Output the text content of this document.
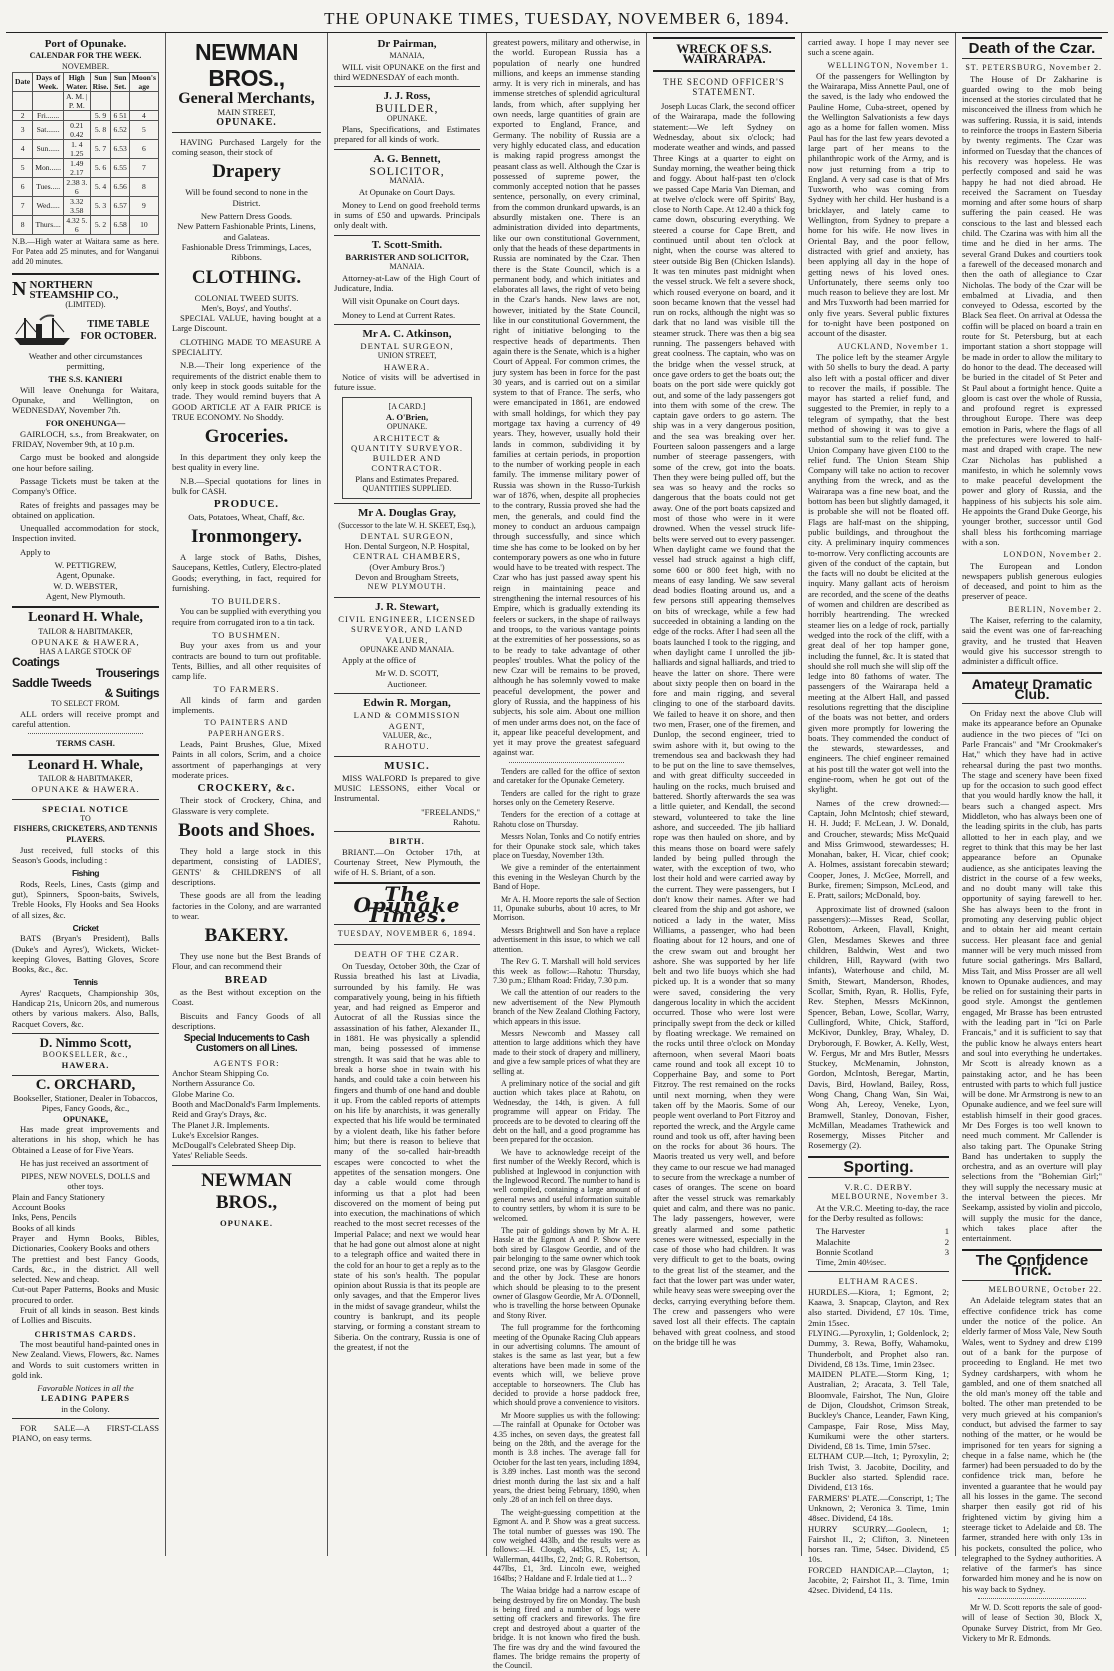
THE OPUNAKE TIMES, TUESDAY, NOVEMBER 6, 1894.
Port of Opunake.
CALENDAR FOR THE WEEK.
NOVEMBER.
Date	Days of Week.	High Water.	Sun Rise.	Sun Set.	Moon's age
		A. M. | P. M.			
2	Fri.......		5. 9	6 51	4
3	Sat.......	0.21 0.42	5. 8	6.52	5
4	Sun......	1. 4 1.25	5. 7	6.53	6
5	Mon......	1.49 2.17	5. 6	6.55	7
6	Tues.....	2.38 3. 6	5. 4	6.56	8
7	Wed.....	3.32 3.58	5. 3	6.57	9
8	Thurs....	4.32 5. 6	5. 2	6.58	10
N.B.—High water at Waitara same as here. For Patea add 25 minutes, and for Wanganui add 20 minutes.
NNORTHERN STEAMSHIP CO.,
(LIMITED).
TIME TABLE FOR OCTOBER.

Weather and other circumstances permitting,

THE S.S. KANIERI

Will leave Onehunga for Waitara, Opunake, and Wellington, on WEDNESDAY, November 7th.

FOR ONEHUNGA—

GAIRLOCH, s.s., from Breakwater, on FRIDAY, November 9th, at 10 p.m.

Cargo must be booked and alongside one hour before sailing.

Passage Tickets must be taken at the Company's Office.

Rates of freights and passages may be obtained on application.

Unequalled accommodation for stock, Inspection invited.

Apply to

W. PETTIGREW,
Agent, Opunake.
W. D. WEBSTER,
Agent, New Plymouth.
Leonard H. Whale,
TAILOR & HABITMAKER,
OPUNAKE & HAWERA,
HAS A LARGE STOCK OF
Coatings
Trouserings
Saddle Tweeds
& Suitings
TO SELECT FROM.

ALL orders will receive prompt and careful attention.

TERMS CASH.
Leonard H. Whale,
TAILOR & HABITMAKER,
OPUNAKE & HAWERA.
SPECIAL NOTICE
TO
FISHERS, CRICKETERS, AND TENNIS PLAYERS.

Just received, full stocks of this Season's Goods, including :

Fishing

Rods, Reels, Lines, Casts (gimp and gut), Spinners, Spoon-baits, Swivels, Treble Hooks, Fly Hooks and Sea Hooks of all sizes, &c.

Cricket

BATS (Bryan's President), Balls (Duke's and Ayres'), Wickets, Wicket-keeping Gloves, Batting Gloves, Score Books, &c., &c.

Tennis

Ayres' Racquets, Championship 30s, Handicap 21s, Unicorn 20s, and numerous others by various makers. Also, Balls, Racquet Covers, &c.

D. Nimmo Scott,
BOOKSELLER, &c.,
HAWERA.
C. ORCHARD,
Bookseller, Stationer, Dealer in Tobaccos, Pipes, Fancy Goods, &c.,
OPUNAKE,

Has made great improvements and alterations in his shop, which he has Obtained a Lease of for Five Years.

He has just received an assortment of

PIPES, NEW NOVELS, DOLLS and other toys.
Plain and Fancy Stationery
Account Books
Inks, Pens, Pencils
Books of all kinds
Prayer and Hymn Books, Bibles, Dictionaries, Cookery Books and others
The prettiest and best Fancy Goods, Cards, &c., in the district. All well selected. New and cheap.
Cut-out Paper Patterns, Books and Music procured to order.

Fruit of all kinds in season. Best kinds of Lollies and Biscuits.

CHRISTMAS CARDS.

The most beautiful hand-painted ones in New Zealand. Views, Flowers, &c. Names and Words to suit customers written in gold ink.

Favorable Notices in all the
LEADING PAPERS
in the Colony.

FOR SALE—A FIRST-CLASS PIANO, on easy terms.

NEWMAN BROS.,
General Merchants,
MAIN STREET,
OPUNAKE.

HAVING Purchased Largely for the coming season, their stock of

Drapery

Will be found second to none in the District.

New Pattern Dress Goods.
New Pattern Fashionable Prints, Linens, and Galateas.
Fashionable Dress Trimmings, Laces, Ribbons.
CLOTHING.
COLONIAL TWEED SUITS.
Men's, Boys', and Youths'.

SPECIAL VALUE, having bought at a Large Discount.

CLOTHING MADE TO MEASURE A SPECIALITY.

N.B.—Their long experience of the requirements of the district enable them to only keep in stock goods suitable for the trade. They would remind buyers that A GOOD ARTICLE AT A FAIR PRICE is TRUE ECONOMY. No Shoddy.

Groceries.

In this department they only keep the best quality in every line.

N.B.—Special quotations for lines in bulk for CASH.

PRODUCE.

Oats, Potatoes, Wheat, Chaff, &c.

Ironmongery.

A large stock of Baths, Dishes, Saucepans, Kettles, Cutlery, Electro-plated Goods; everything, in fact, required for furnishing.

TO BUILDERS.

You can be supplied with everything you require from corrugated iron to a tin tack.

TO BUSHMEN.

Buy your axes from us and your contracts are bound to turn out profitable. Tents, Billies, and all other requisites of camp life.

TO FARMERS.

All kinds of farm and garden implements.

TO PAINTERS AND PAPERHANGERS.

Leads, Paint Brushes, Glue, Mixed Paints in all colors, Scrim, and a choice assortment of paperhangings at very moderate prices.

CROCKERY, &c.

Their stock of Crockery, China, and Glassware is very complete.

Boots and Shoes.

They hold a large stock in this department, consisting of LADIES', GENTS' & CHILDREN'S of all descriptions.

These goods are all from the leading factories in the Colony, and are warranted to wear.

BAKERY.

They use none but the Best Brands of Flour, and can recommend their

BREAD

as the Best without exception on the Coast.

Biscuits and Fancy Goods of all descriptions.

Special Inducements to Cash Customers on all Lines.
AGENTS FOR:
Anchor Steam Shipping Co.
Northern Assurance Co.
Globe Marine Co.
Booth and MacDonald's Farm Implements.
Reid and Gray's Drays, &c.
The Planet J.R. Implements.
Luke's Excelsior Ranges.
McDougall's Celebrated Sheep Dip.
Yates' Reliable Seeds.
NEWMAN BROS.,
OPUNAKE.
Dr Pairman,
MANAIA,

WILL visit OPUNAKE on the first and third WEDNESDAY of each month.

J. J. Ross,
BUILDER,
OPUNAKE.

Plans, Specifications, and Estimates prepared for all kinds of work.

A. G. Bennett,
SOLICITOR,
MANAIA.

At Opunake on Court Days.

Money to Lend on good freehold terms in sums of £50 and upwards. Principals only dealt with.

T. Scott-Smith.
BARRISTER AND SOLICITOR,
MANAIA.

Attorney-at-Law of the High Court of Judicature, India.

Will visit Opunake on Court days.

Money to Lend at Current Rates.

Mr A. C. Atkinson,
DENTAL SURGEON,
UNION STREET,
HAWERA.

Notice of visits will be advertised in future issue.

[A CARD.]
A. O'Brien,
OPUNAKE.
ARCHITECT & QUANTITY SURVEYOR.
BUILDER AND CONTRACTOR.
Plans and Estimates Prepared.
QUANTITIES SUPPLIED.
Mr A. Douglas Gray,
(Successor to the late W. H. SKEET, Esq.),
DENTAL SURGEON,
Hon. Dental Surgeon, N.P. Hospital,
CENTRAL CHAMBERS,
(Over Ambury Bros.')
Devon and Brougham Streets,
NEW PLYMOUTH.
J. R. Stewart,
CIVIL ENGINEER, LICENSED SURVEYOR, AND LAND VALUER,
OPUNAKE AND MANAIA.

Apply at the office of

Mr W. D. SCOTT,
Auctioneer.
Edwin R. Morgan,
LAND & COMMISSION AGENT,
VALUER, &c.,
RAHOTU.
MUSIC.

MISS WALFORD Is prepared to give MUSIC LESSONS, either Vocal or Instrumental.

"FREELANDS,"
Rahotu.
BIRTH.

BRIANT.—On October 17th, at Courtenay Street, New Plymouth, the wife of H. S. Briant, of a son.

The Opunake Times.
TUESDAY, NOVEMBER 6, 1894.
DEATH OF THE CZAR.

On Tuesday, October 30th, the Czar of Russia breathed his last at Livadia, surrounded by his family. He was comparatively young, being in his fiftieth year, and had reigned as Emperor and Autocrat of all the Russias since the assassination of his father, Alexander II., in 1881. He was physically a splendid man, being possessed of immense strength. It was said that he was able to break a horse shoe in twain with his hands, and could take a coin between his fingers and thumb of one hand and double it up. From the cabled reports of attempts on his life by anarchists, it was generally expected that his life would be terminated by a violent death, like his father before him; but there is reason to believe that many of the so-called hair-breadth escapes were concocted to whet the appetites of the sensation mongers. One day a cable would come through informing us that a plot had been discovered on the moment of being put into execution, the machinations of which reached to the most secret recesses of the Imperial Palace; and next we would hear that he had gone out almost alone at night to a telegraph office and waited there in the cold for an hour to get a reply as to the state of his son's health. The popular opinion about Russia is that its people are only savages, and that the Emperor lives in the midst of savage grandeur, whilst the country is bankrupt, and its people starving, or forming a constant stream to Siberia. On the contrary, Russia is one of the greatest, if not the

greatest powers, military and otherwise, in the world. European Russia has a population of nearly one hundred millions, and keeps an immense standing army. It is very rich in minerals, and has immense stretches of splendid agricultural lands, from which, after supplying her own needs, large quantities of grain are exported to England, France, and Germany. The nobility of Russia are a very highly educated class, and education is making rapid progress amongst the peasant class as well. Although the Czar is possessed of supreme power, the commonly accepted notion that he passes sentence, personally, on every criminal, from the common drunkard upwards, is an absurdly mistaken one. There is an administration divided into departments, like our own constitutional Government, only that the heads of these departments in Russia are nominated by the Czar. Then there is the State Council, which is a permanent body, and which initiates and elaborates all laws, the right of veto being in the Czar's hands. New laws are not, however, initiated by the State Council, like in our constitutional Government, the right of initiative belonging to the respective heads of departments. Then again there is the Senate, which is a higher Court of Appeal. For common crimes, the jury system has been in force for the past 30 years, and is carried out on a similar system to that of France. The serfs, who were emancipated in 1861, are endowed with small holdings, for which they pay mortgage tax having a currency of 49 years. They, however, usually hold their lands in common, subdividing it by families at certain periods, in proportion to the number of working people in each family. The immense military power of Russia was shown in the Russo-Turkish war of 1876, when, despite all prophecies to the contrary, Russia proved she had the men, the generals, and could find the money to conduct an arduous campaign through successfully, and since which time she has come to be looked on by her contemporary powers as one who in future would have to be treated with respect. The Czar who has just passed away spent his reign in maintaining peace and strengthening the internal resources of his Empire, which is gradually extending its feelers or suckers, in the shape of railways and troops, to the various vantage points at the extremities of her possessions, so as to be ready to take advantage of other peoples' troubles. What the policy of the new Czar will be remains to be proved, although he has solemnly vowed to make peaceful development, the power and glory of Russia, and the happiness of his subjects, his sole aim. About one million of men under arms does not, on the face of it, appear like peaceful development, and yet it may prove the greatest safeguard against war.

Tenders are called for the office of sexton and caretaker for the Opunake Cemetery.

Tenders are called for the right to graze horses only on the Cemetery Reserve.

Tenders for the erection of a cottage at Rahotu close on Thursday.

Messrs Nolan, Tonks and Co notify entries for their Opunake stock sale, which takes place on Tuesday, November 13th.

We give a reminder of the entertainment this evening in the Wesleyan Church by the Band of Hope.

Mr A. H. Moore reports the sale of Section 11, Opunake suburbs, about 10 acres, to Mr Morrison.

Messrs Brightwell and Son have a replace advertisement in this issue, to which we call attention.

The Rev G. T. Marshall will hold services this week as follow:—Rahotu: Thursday, 7.30 p.m.; Eltham Road: Friday, 7.30 p.m.

We call the attention of our readers to the new advertisement of the New Plymouth branch of the New Zealand Clothing Factory, which appears in this issue.

Messrs Newcomb and Massey call attention to large additions which they have made to their stock of drapery and millinery, and give a few sample prices of what they are selling at.

A preliminary notice of the social and gift auction which takes place at Rahotu, on Wednesday, the 14th, is given. A full programme will appear on Friday. The proceeds are to be devoted to clearing off the debt on the hall, and a good programme has been prepared for the occasion.

We have to acknowledge receipt of the first number of the Weekly Record, which is published at Inglewood in conjunction with the Inglewood Record. The number to hand is well compiled, containing a large amount of general news and useful information suitable to country settlers, by whom it is sure to be welcomed.

The pair of goldings shown by Mr A. H. Hassle at the Egmont A and P. Show were both sired by Glasgow Geordie, and of the pair belonging to the same owner which took second prize, one was by Glasgow Geordie and the other by Jock. These are honors which should be pleasing to to the present owner of Glasgow Geordie, Mr A. O'Donnell, who is travelling the horse between Opunake and Stony River.

The full programme for the forthcoming meeting of the Opunake Racing Club appears in our advertising columns. The amount of stakes is the same as last year, but a few alterations have been made in some of the events which will, we believe prove acceptable to horseowners. The Club has decided to provide a horse paddock free, which should prove a convenience to visitors.

Mr Moore supplies us with the following:—The rainfall at Opunake for October was 4.35 inches, on seven days, the greatest fall being on the 28th, and the average for the month is 3.8 inches. The average fall for October for the last ten years, including 1894, is 3.89 inches. Last month was the second driest month during the last six and a half years, the driest being February, 1890, when only .28 of an inch fell on three days.

The weight-guessing competition at the Egmont A. and P. Show was a great success. The total number of guesses was 190. The cow weighed 443lb, and the results were as follows:—H. Clough, 445lbs, £5, 1st; A. Wallerman, 441lbs, £2, 2nd; G. R. Robertson, 447lbs, £1, 3rd. Lincoln ewe, weighed 164lbs; ? Haldane and F. Irdale tied at 1... ?

The Waiaa bridge had a narrow escape of being destroyed by fire on Monday. The bush is being fired and a number of logs were setting off crackers and fireworks. The fire crept and destroyed about a quarter of the bridge. It is not known who fired the bush. The fire was dry and the wind favoured the flames. The bridge remains the property of the Council.

WRECK OF S.S. WAIRARAPA.
THE SECOND OFFICER'S STATEMENT.

Joseph Lucas Clark, the second officer of the Wairarapa, made the following statement:—We left Sydney on Wednesday, about six o'clock; had moderate weather and winds, and passed Three Kings at a quarter to eight on Sunday morning, the weather being thick and foggy. About half-past ten o'clock we passed Cape Maria Van Dieman, and at twelve o'clock were off Spirits' Bay, close to North Cape. At 12.40 a thick fog came down, obscuring everything. We steered a course for Cape Brett, and continued until about ten o'clock at night, when the course was altered to steer outside Big Ben (Chicken Islands). It was ten minutes past midnight when the vessel struck. We felt a severe shock, which roused everyone on board, and it soon became known that the vessel had run on rocks, although the night was so dark that no land was visible till the steamer struck. There was then a big sea running. The passengers behaved with great coolness. The captain, who was on the bridge when the vessel struck, at once gave orders to get the boats out; the boats on the port side were quickly got out, and some of the lady passengers got into them with some of the crew. The captain gave orders to go astern. The ship was in a very dangerous position, and the sea was breaking over her. Fourteen saloon passengers and a large number of steerage passengers, with some of the crew, got into the boats. Then they were being pulled off, but the sea was so heavy and the rocks so dangerous that the boats could not get away. One of the port boats capsized and most of those who were in it were drowned. When the vessel struck life-belts were served out to every passenger. When daylight came we found that the vessel had struck against a high cliff, some 600 or 800 feet high, with no means of easy landing. We saw several dead bodies floating around us, and a few persons still appearing themselves on bits of wreckage, while a few had succeeded in obtaining a landing on the edge of the rocks. After I had seen all the boats launched I took to the rigging, and when daylight came I unrolled the jib-halliards and signal halliards, and tried to heave the latter on shore. There were about sixty people then on board in the fore and main rigging, and several clinging to one of the starboard davits. We failed to heave it on shore, and then two men, Fraser, one of the firemen, and Dunlop, the second engineer, tried to swim ashore with it, but owing to the tremendous sea and backwash they had to be put on the line to save themselves, and with great difficulty succeeded in hauling on the rocks, much bruised and battered. Shortly afterwards the sea was a little quieter, and Kendall, the second steward, volunteered to take the line ashore, and succeeded. The jib halliard rope was then hauled on shore, and by this means those on board were safely landed by being pulled through the water, with the exception of two, who lost their hold and were carried away by the current. They were passengers, but I don't know their names. After we had cleared from the ship and got ashore, we noticed a lady in the water, Miss Williams, a passenger, who had been floating about for 12 hours, and one of the crew swam out and brought her ashore. She was supported by her life belt and two life buoys which she had picked up. It is a wonder that so many were saved, considering the very dangerous locality in which the accident occurred. Those who were lost were principally swept from the deck or killed by floating wreckage. We remained on the rocks until three o'clock on Monday afternoon, when several Maori boats came round and took all except 10 to Copperhaine Bay, and some to Port Fitzroy. The rest remained on the rocks until next morning, when they were taken off by the Maoris. Some of our people went overland to Port Fitzroy and reported the wreck, and the Argyle came round and took us off, after having been on the rocks for about 36 hours. The Maoris treated us very well, and before they came to our rescue we had managed to secure from the wreckage a number of cases of oranges. The scene on board after the vessel struck was remarkably quiet and calm, and there was no panic. The lady passengers, however, were greatly alarmed and some pathetic scenes were witnessed, especially in the case of those who had children. It was very difficult to get to the boats, owing to the great list of the steamer, and the fact that the lower part was under water, while heavy seas were sweeping over the decks, carrying everything before them. The crew and passengers who were saved lost all their effects. The captain behaved with great coolness, and stood on the bridge till he was

carried away. I hope I may never see such a scene again.

WELLINGTON, November 1.

Of the passengers for Wellington by the Wairarapa, Miss Annette Paul, one of the saved, is the lady who endowed the Pauline Home, Cuba-street, opened by the Wellington Salvationists a few days ago as a home for fallen women. Miss Paul has for the last few years devoted a large part of her means to the philanthropic work of the Army, and is now just returning from a trip to England. A very sad case is that of Mrs Tuxworth, who was coming from Sydney with her child. Her husband is a bricklayer, and lately came to Wellington, from Sydney to prepare a home for his wife. He now lives in Oriental Bay, and the poor fellow, distracted with grief and anxiety, has been applying all day in the hope of getting news of his loved ones. Unfortunately, there seems only too much reason to believe they are lost. Mr and Mrs Tuxworth had been married for only five years. Several public fixtures for to-night have been postponed on account of the disaster.

AUCKLAND, November 1.

The police left by the steamer Argyle with 50 shells to bury the dead. A party also left with a postal officer and diver to recover the mails, if possible. The mayor has started a relief fund, and suggested to the Premier, in reply to a telegram of sympathy, that the best method of showing it was to give a substantial sum to the relief fund. The Union Company have given £100 to the relief fund. The Union Steam Ship Company will take no action to recover anything from the wreck, and as the Wairarapa was a fine new boat, and the bottom has been but slightly damaged, it is probable she will not be floated off. Flags are half-mast on the shipping, public buildings, and throughout the city. A preliminary inquiry commences to-morrow. Very conflicting accounts are given of the conduct of the captain, but the facts will no doubt be elicited at the inquiry. Many gallant acts of heroism are recorded, and the scene of the deaths of women and children are described as horribly heartrending. The wrecked steamer lies on a ledge of rock, partially wedged into the rock of the cliff, with a great deal of her top hamper gone, including the funnel, &c. It is stated that should she roll much she will slip off the ledge into 80 fathoms of water. The passengers of the Wairarapa held a meeting at the Albert Hall, and passed resolutions regretting that the discipline of the boats was not better, and orders given more promptly for lowering the boats. They commended the conduct of the stewards, stewardesses, and engineers. The chief engineer remained at his post till the water got well into the engine-room, when he got out of the skylight.

Names of the crew drowned:—Captain, John McIntosh; chief steward, H. H. Judd; F. McLean, J. W. Donald, and Croucher, stewards; Miss McQuaid and Miss Grimwood, stewardesses; H. Monahan, baker, H. Vicar, chief cook; A. Holmes, assistant forecabin steward; Cooper, Jones, J. McGee, Morrell, and Burke, firemen; Simpson, McLeod, and E. Pratt, sailors; McDonald, boy.

Approximate list of drowned (saloon passengers):—Misses Read, Scollar, Robottom, Arkeen, Flavall, Knight, Glen, Mesdames Skewes and three children, Baldwin, West and two children, Hill, Rayward (with two infants), Waterhouse and child, M. Smith, Stewart, Manderson, Rhodes, Scollar, Smith, Ryan, R. Hollis, Fyfe, Rev. Stephen, Messrs McKinnon, Spencer, Beban, Lowe, Scollar, Warry, Cullingford, White, Chick, Stafford, McKivor, Dunkley, Bray, Whaley, D. Dryborough, F. Bowker, A. Kelly, West, W. Fergus, Mr and Mrs Butler, Messrs Stuckey, McMenamin, Johnston, Gordon, McIntosh, Beregar, Martin, Davis, Bird, Howland, Bailey, Ross, Wong Chang, Chang Wan, Sin Wai, Wong Ah, Lereoy, Veneke, Lyon, Bramwell, Stanley, Donovan, Fisher, McMillan, Meadames Trathewick and Rosemergy, Misses Pitcher and Rosemergy (2).

Sporting.
V.R.C. DERBY.
MELBOURNE, November 3.

At the V.R.C. Meeting to-day, the race for the Derby resulted as follows:

The Harvester	1
Malachite	2
Bonnie Scotland	3
Time, 2min 40½sec.
ELTHAM RACES.
HURDLES.—Kiora, 1; Egmont, 2; Kaawa, 3. Snapcap, Clayton, and Rex also started. Dividend, £7 10s. Time, 2min 15sec.
FLYING.—Pyroxylin, 1; Goldenlock, 2; Dummy, 3. Rewa, Boffy, Wahamoku, Thunderbolt, and Prophet also ran. Dividend, £8 13s. Time, 1min 23sec.
MAIDEN PLATE.—Storm King, 1; Australian, 2; Aracata, 3. Tell Tale, Bloomvale, Fairshot, The Nun, Gloire de Dijon, Cloudshot, Crimson Streak, Buckley's Chance, Leander, Fawn King, Campaspe, Fair Rose, Miss May, Kumikumi were the other starters. Dividend, £8 1s. Time, 1min 57sec.
ELTHAM CUP.—Itch, 1; Pyroxylin, 2; Irish Twist, 3. Jacobite, Docility, and Buckler also started. Splendid race. Dividend, £13 16s.
FARMERS' PLATE.—Conscript, 1; The Unknown, 2; Veronica 3. Time, 1min 48sec. Dividend, £4 18s.
HURRY SCURRY.—Goolecn, 1; Fairshot II., 2; Clifton, 3. Nineteen horses ran. Time, 54sec. Dividend, £5 10s.
FORCED HANDICAP.—Clayton, 1; Jacobite, 2; Fairshot II., 3. Time, 1min 42sec. Dividend, £4 11s.
Death of the Czar.
ST. PETERSBURG, November 2.

The House of Dr Zakharine is guarded owing to the mob being incensed at the stories circulated that he misconceived the illness from which he was suffering. Russia, it is said, intends to reinforce the troops in Eastern Siberia by twenty regiments. The Czar was informed on Tuesday that the chances of his recovery was hopeless. He was perfectly composed and said he was happy he had not died abroad. He received the Sacrament on Tuesday morning and after some hours of sharp suffering the pain ceased. He was conscious to the last and blessed each child. The Czarina was with him all the time and he died in her arms. The several Grand Dukes and courtiers took a farewell of the deceased monarch and then the oath of allegiance to Czar Nicholas. The body of the Czar will be embalmed at Livadia, and then conveyed to Odessa, escorted by the Black Sea fleet. On arrival at Odessa the coffin will be placed on board a train en route for St. Petersburg, but at each important station a short stoppage will be made in order to allow the military to do honor to the dead. The deceased will be buried in the citadel of St Peter and St Paul about a fortnight hence. Quite a gloom is cast over the whole of Russia, and profound regret is expressed throughout Europe. There was deep emotion in Paris, where the flags of all the prefectures were lowered to half-mast and draped with crape. The new Czar Nicholas has published a manifesto, in which he solemnly vows to make peaceful development the power and glory of Russia, and the happiness of his subjects his sole aim. He appoints the Grand Duke George, his younger brother, successor until God shall bless his forthcoming marriage with a son.

LONDON, November 2.

The European and London newspapers publish generous eulogies of deceased, and point to him as the preserver of peace.

BERLIN, November 2.

The Kaiser, referring to the calamity, said the event was one of far-reaching gravity, and he trusted that Heaven would give his successor strength to administer a difficult office.

Amateur Dramatic Club.

On Friday next the above Club will make its appearance before an Opunake audience in the two pieces of "Ici on Parle Francais" and "Mr Crookmaker's Hat," which they have had in active rehearsal during the past two months. The stage and scenery have been fixed up for the occasion to such good effect that you would hardly know the hall, it bears such a changed aspect. Mrs Middleton, who has always been one of the leading spirits in the club, has parts allotted to her in each play, and we regret to think that this may be her last appearance before an Opunake audience, as she anticipates leaving the district in the course of a few weeks, and no doubt many will take this opportunity of saying farewell to her. She has always been to the front in promoting any deserving public object and to obtain her aid meant certain success. Her pleasant face and genial manner will be very much missed from future social gatherings. Mrs Ballard, Miss Tait, and Miss Prosser are all well known to Opunake audiences, and may be relied on for sustaining their parts in good style. Amongst the gentlemen engaged, Mr Brasse has been entrusted with the leading part in "Ici on Parle Francais," and it is sufficient to say that the public know he always enters heart and soul into everything he undertakes. Mr Scott is already known as a painstaking actor, and he has been entrusted with parts to which full justice will be done. Mr Armstrong is new to an Opunake audience, and we feel sure will establish himself in their good graces. Mr Des Forges is too well known to need much comment. Mr Callender is also taking part. The Opunake String Band has undertaken to supply the orchestra, and as an overture will play selections from the "Bohemian Girl;" they will supply the necessary music at the interval between the pieces. Mr Seekamp, assisted by violin and piccolo, will supply the music for the dance, which takes place after the entertainment.

The Confidence Trick.
MELBOURNE, October 22.

An Adelaide telegram states that an effective confidence trick has come under the notice of the police. An elderly farmer of Moss Vale, New South Wales, went to Sydney and drew £199 out of a bank for the purpose of proceeding to England. He met two Sydney cardsharpers, with whom he gambled, and one of them snatched all the old man's money off the table and bolted. The other man pretended to be very much grieved at his companion's conduct, but advised the farmer to say nothing of the matter, or he would be imprisoned for ten years for signing a cheque in a false name, which he (the farmer) had been persuaded to do by the confidence trick man, before he invented a guarantee that he would pay all his losses in the game. The second sharper then easily got rid of his frightened victim by giving him a steerage ticket to Adelaide and £8. The farmer, stranded here with only 13s in his pockets, consulted the police, who telegraphed to the Sydney authorities. A relative of the farmer's has since forwarded him money and he is now on his way back to Sydney.

Mr W. D. Scott reports the sale of good-will of lease of Section 30, Block X, Opunake Survey District, from Mr Geo. Vickery to Mr R. Edmonds.
